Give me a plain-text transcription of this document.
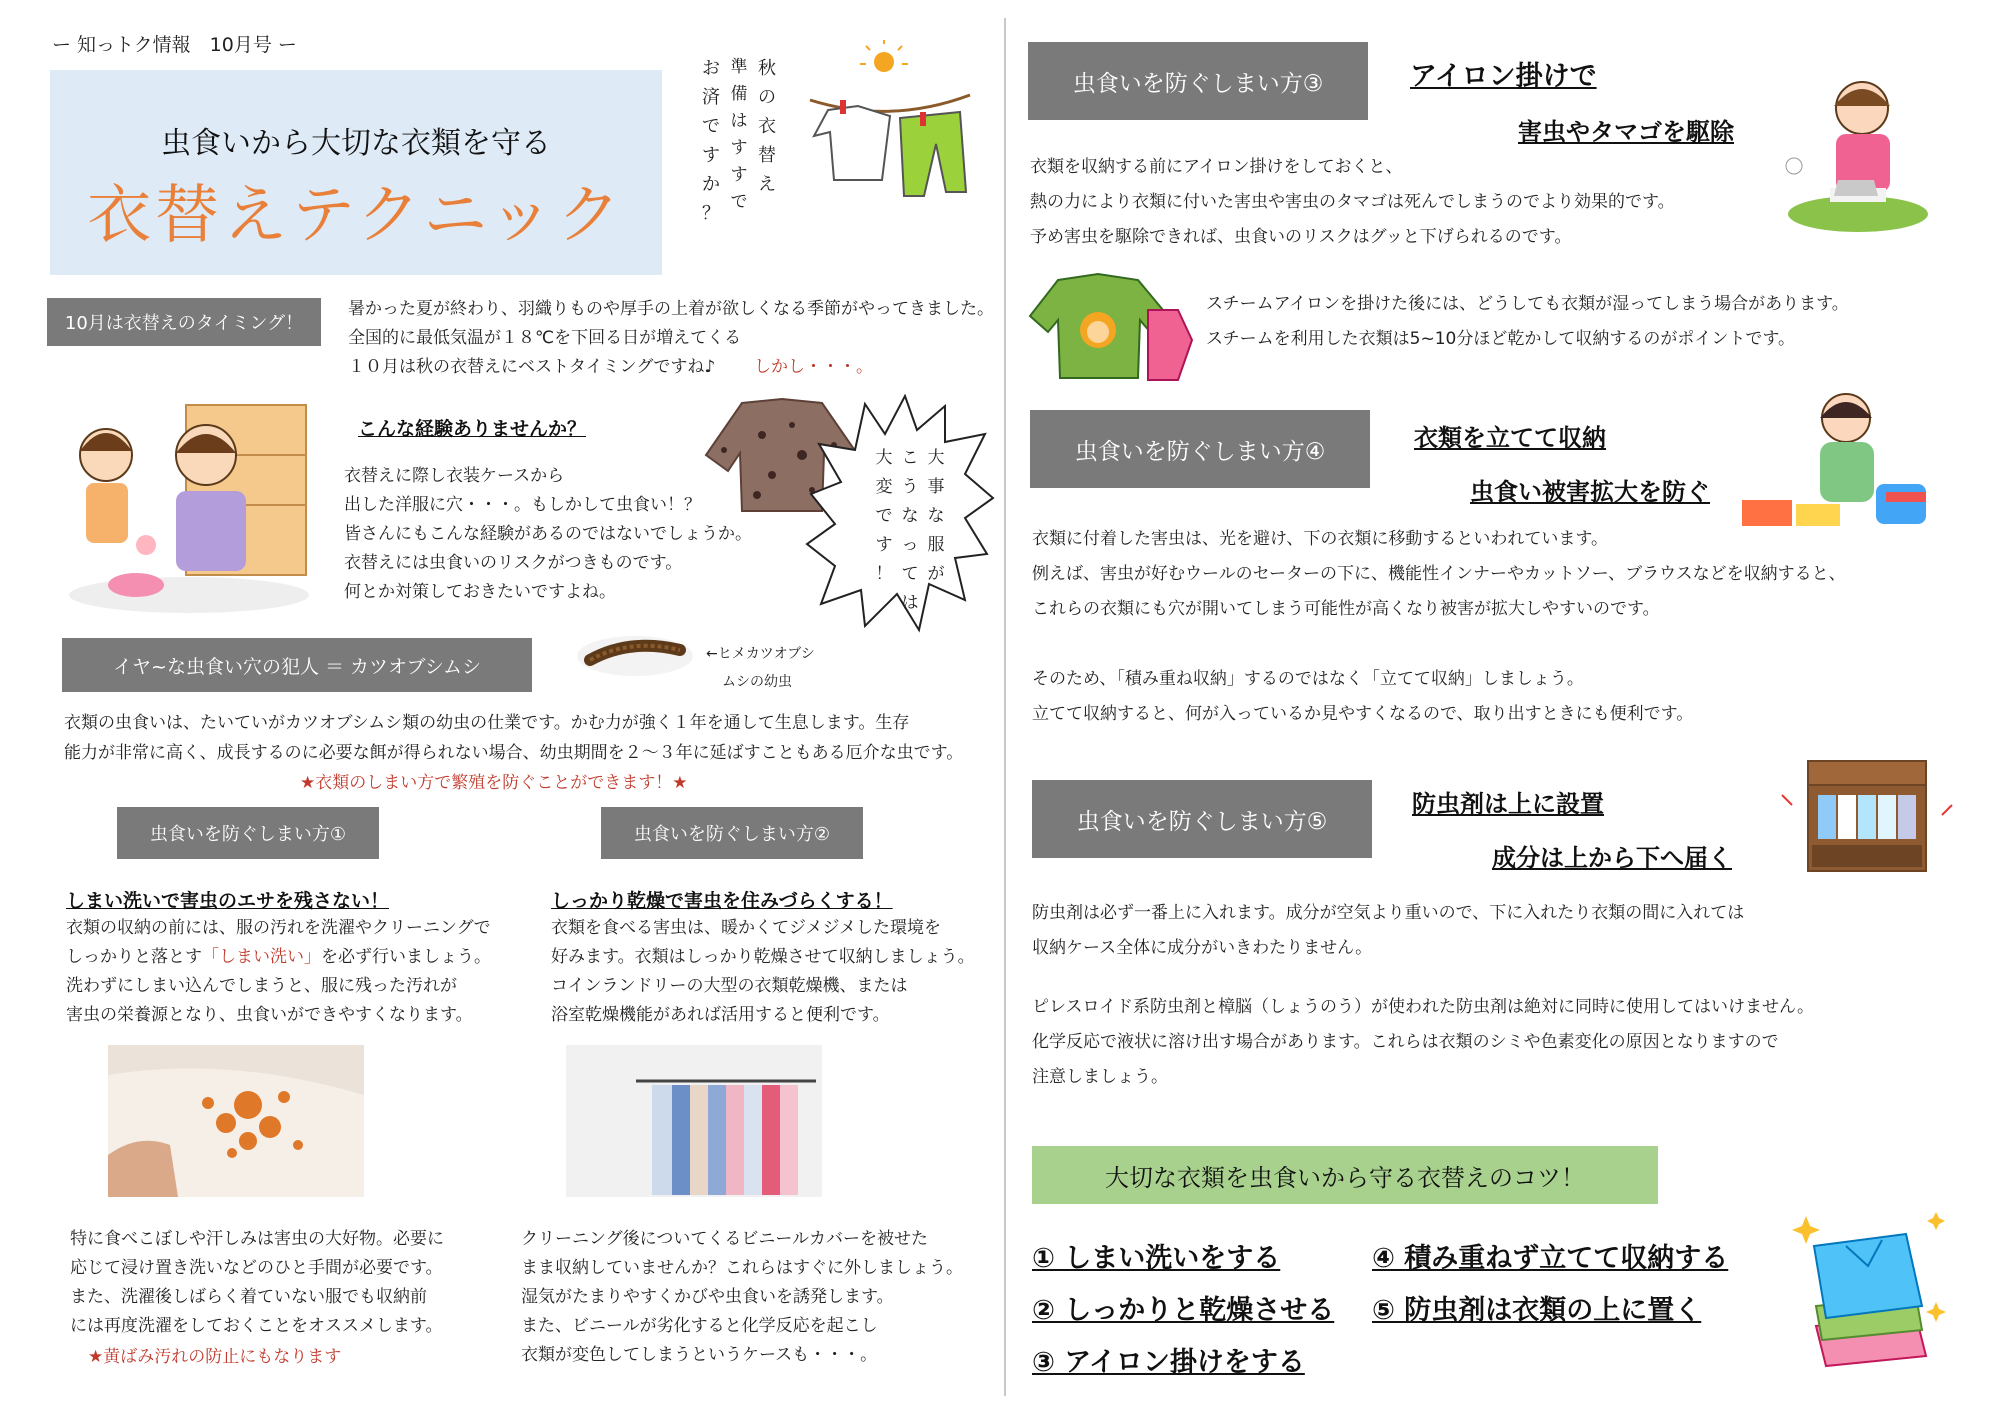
ー 知っトク情報　10月号 ー
虫食いから大切な衣類を守る
衣替えテクニック
秋
の
衣
替
え
準
備
は
す
す
で
お
済
で
す
か
？
10月は衣替えのタイミング！
暑かった夏が終わり、羽織りものや厚手の上着が欲しくなる季節がやってきました。
全国的に最低気温が１８℃を下回る日が増えてくる
１０月は秋の衣替えにベストタイミングですね♪ しかし・・・。
こんな経験ありませんか？
衣替えに際し衣装ケースから
出した洋服に穴・・・。もしかして虫食い！？
皆さんにもこんな経験があるのではないでしょうか。
衣替えには虫食いのリスクがつきものです。
何とか対策しておきたいですよね。
大
事
な
服
が
こ
う
な
っ
て
は
大
変
で
す
！
イヤ~な虫食い穴の犯人 ＝ カツオブシムシ
←ヒメカツオブシ
ムシの幼虫
衣類の虫食いは、たいていがカツオブシムシ類の幼虫の仕業です。かむ力が強く１年を通して生息します。生存
能力が非常に高く、成長するのに必要な餌が得られない場合、幼虫期間を２～３年に延ばすこともある厄介な虫です。
★衣類のしまい方で繁殖を防ぐことができます！★
虫食いを防ぐしまい方①
しまい洗いで害虫のエサを残さない！
衣類の収納の前には、服の汚れを洗濯やクリーニングで
しっかりと落とす「しまい洗い」を必ず行いましょう。
洗わずにしまい込んでしまうと、服に残った汚れが
害虫の栄養源となり、虫食いができやすくなります。
特に食べこぼしや汗しみは害虫の大好物。必要に
応じて浸け置き洗いなどのひと手間が必要です。
また、洗濯後しばらく着ていない服でも収納前
には再度洗濯をしておくことをオススメします。
★黄ばみ汚れの防止にもなります
虫食いを防ぐしまい方②
しっかり乾燥で害虫を住みづらくする！
衣類を食べる害虫は、暖かくてジメジメした環境を
好みます。衣類はしっかり乾燥させて収納しましょう。
コインランドリーの大型の衣類乾燥機、または
浴室乾燥機能があれば活用すると便利です。
クリーニング後についてくるビニールカバーを被せた
まま収納していませんか？これらはすぐに外しましょう。
湿気がたまりやすくかびや虫食いを誘発します。
また、ビニールが劣化すると化学反応を起こし
衣類が変色してしまうというケースも・・・。
虫食いを防ぐしまい方③	アイロン掛けで
害虫やタマゴを駆除
衣類を収納する前にアイロン掛けをしておくと、
熱の力により衣類に付いた害虫や害虫のタマゴは死んでしまうのでより効果的です。
予め害虫を駆除できれば、虫食いのリスクはグッと下げられるのです。
スチームアイロンを掛けた後には、どうしても衣類が湿ってしまう場合があります。
スチームを利用した衣類は5~10分ほど乾かして収納するのがポイントです。
虫食いを防ぐしまい方④	衣類を立てて収納
虫食い被害拡大を防ぐ
衣類に付着した害虫は、光を避け、下の衣類に移動するといわれています。
例えば、害虫が好むウールのセーターの下に、機能性インナーやカットソー、ブラウスなどを収納すると、
これらの衣類にも穴が開いてしまう可能性が高くなり被害が拡大しやすいのです。
そのため、「積み重ね収納」するのではなく「立てて収納」しましょう。
立てて収納すると、何が入っているか見やすくなるので、取り出すときにも便利です。
虫食いを防ぐしまい方⑤
防虫剤は上に設置
成分は上から下へ届く
防虫剤は必ず一番上に入れます。成分が空気より重いので、下に入れたり衣類の間に入れては
収納ケース全体に成分がいきわたりません。
ピレスロイド系防虫剤と樟脳（しょうのう）が使われた防虫剤は絶対に同時に使用してはいけません。
化学反応で液状に溶け出す場合があります。これらは衣類のシミや色素変化の原因となりますので
注意しましょう。
大切な衣類を虫食いから守る衣替えのコツ！
① しまい洗いをする
② しっかりと乾燥させる
③ アイロン掛けをする
④ 積み重ねず立てて収納する
⑤ 防虫剤は衣類の上に置く
